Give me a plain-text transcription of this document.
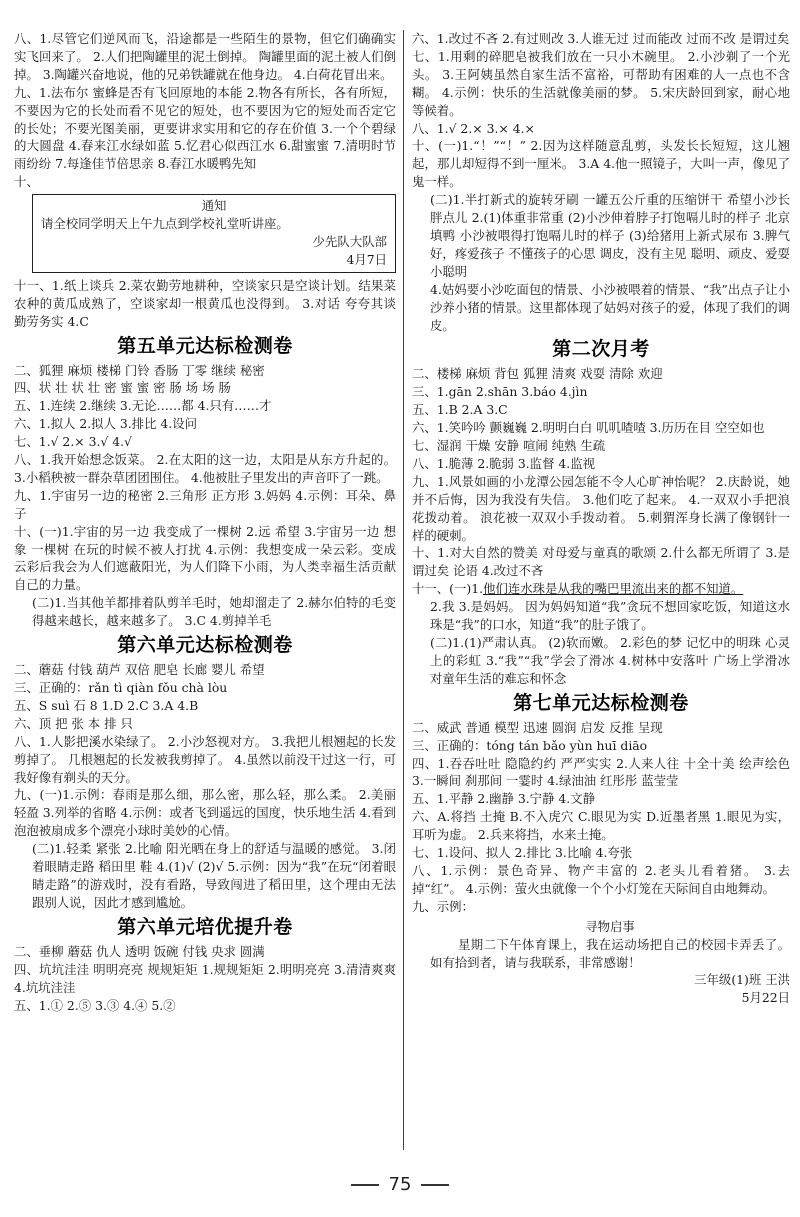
八、1.尽管它们逆风而飞，沿途都是一些陌生的景物，但它们确确实实飞回来了。 2.人们把陶罐里的泥土倒掉。 陶罐里面的泥土被人们倒掉。 3.陶罐兴奋地说，他的兄弟铁罐就在他身边。 4.白荷花冒出来。

九、1.法布尔 蜜蜂是否有飞回原地的本能 2.物各有所长，各有所短，不要因为它的长处而看不见它的短处，也不要因为它的短处而否定它的长处；不要光图美丽，更要讲求实用和它的存在价值 3.一个个碧绿的大圆盘 4.春来江水绿如蓝 5.忆君心似西江水 6.甜蜜蜜 7.清明时节雨纷纷 7.每逢佳节倍思亲 8.春江水暖鸭先知

十、

通知
请全校同学明天上午九点到学校礼堂听讲座。
少先队大队部
4月7日

十一、1.纸上谈兵 2.菜农勤劳地耕种，空谈家只是空谈计划。结果菜农种的黄瓜成熟了，空谈家却一根黄瓜也没得到。 3.对话 夸夸其谈 勤劳务实 4.C

第五单元达标检测卷

二、狐狸 麻烦 楼梯 门铃 香肠 丁零 继续 秘密

四、状 壮 状 壮 密 蜜 蜜 密 肠 场 场 肠

五、1.连续 2.继续 3.无论……都 4.只有……才

六、1.拟人 2.拟人 3.排比 4.设问

七、1.√ 2.× 3.√ 4.√

八、1.我开始想念饭菜。 2.在太阳的这一边，太阳是从东方升起的。 3.小稻秧被一群杂草团团围住。 4.他被肚子里发出的声音吓了一跳。

九、1.宇宙另一边的秘密 2.三角形 正方形 3.妈妈 4.示例：耳朵、鼻子

十、(一)1.宇宙的另一边 我变成了一棵树 2.远 希望 3.宇宙另一边 想象 一棵树 在玩的时候不被人打扰 4.示例：我想变成一朵云彩。变成云彩后我会为人们遮蔽阳光，为人们降下小雨，为人类幸福生活贡献自己的力量。

(二)1.当其他羊都排着队剪羊毛时，她却溜走了 2.赫尔伯特的毛变得越来越长，越来越多了。 3.C 4.剪掉羊毛

第六单元达标检测卷

二、蘑菇 付钱 葫芦 双倍 肥皂 长廊 婴儿 希望

三、正确的：rǎn tì qiàn fǒu chà lòu

五、S suì 石 8 1.D 2.C 3.A 4.B

六、顶 把 张 本 排 只

八、1.人影把溪水染绿了。 2.小沙怒视对方。 3.我把儿根翘起的长发剪掉了。 几根翘起的长发被我剪掉了。 4.虽然以前没干过这一行，可我好像有剃头的天分。

九、(一)1.示例：春雨是那么细，那么密，那么轻，那么柔。 2.美丽 轻盈 3.列举的省略 4.示例：或者飞到遥远的国度，快乐地生活 4.看到泡泡被扇成多个漂亮小球时美妙的心情。

(二)1.轻柔 紧张 2.比喻 阳光晒在身上的舒适与温暖的感觉。 3.闭着眼睛走路 稻田里 鞋 4.(1)√ (2)√ 5.示例：因为“我”在玩“闭着眼睛走路”的游戏时，没有看路，导致闯进了稻田里，这个理由无法跟别人说，因此才感到尴尬。

第六单元培优提升卷

二、垂柳 蘑菇 仇人 透明 饭碗 付钱 央求 圆满

四、坑坑洼洼 明明亮亮 规规矩矩 1.规规矩矩 2.明明亮亮 3.清清爽爽 4.坑坑洼洼

五、1.① 2.⑤ 3.③ 4.④ 5.②

六、1.改过不吝 2.有过则改 3.人谁无过 过而能改 过而不改 是谓过矣

七、1.用剩的碎肥皂被我们放在一只小木碗里。 2.小沙剃了一个光头。 3.王阿姨虽然自家生活不富裕，可帮助有困难的人一点也不含糊。 4.示例：快乐的生活就像美丽的梦。 5.宋庆龄回到家，耐心地等候着。

八、1.√ 2.× 3.× 4.×

十、(一)1.“！”“！” 2.因为这样随意乱剪，头发长长短短，这儿翘起，那儿却短得不到一厘米。 3.A 4.他一照镜子，大叫一声，像见了鬼一样。

(二)1.半打新式的旋转牙刷 一罐五公斤重的压缩饼干 希望小沙长胖点儿 2.(1)体重非常重 (2)小沙伸着脖子打饱嗝儿时的样子 北京填鸭 小沙被喂得打饱嗝儿时的样子 (3)给猪用上新式尿布 3.脾气好，疼爱孩子 不懂孩子的心思 调皮，没有主见 聪明、顽皮、爱耍小聪明

4.姑妈要小沙吃面包的情景、小沙被喂着的情景、“我”出点子让小沙养小猪的情景。这里都体现了姑妈对孩子的爱，体现了我们的调皮。

第二次月考

二、楼梯 麻烦 背包 狐狸 清爽 戏耍 清除 欢迎

三、1.gān 2.shān 3.báo 4.jìn

五、1.B 2.A 3.C

六、1.笑吟吟 颤巍巍 2.明明白白 叽叽喳喳 3.历历在目 空空如也

七、湿润 干燥 安静 喧闹 纯熟 生疏

八、1.脆薄 2.脆弱 3.监督 4.监视

九、1.风景如画的小龙潭公园怎能不令人心旷神怡呢？ 2.庆龄说，她并不后悔，因为我没有失信。 3.他们吃了起来。 4.一双双小手把浪花拨动着。 浪花被一双双小手拨动着。 5.刺猬浑身长满了像钢针一样的硬刺。

十、1.对大自然的赞美 对母爱与童真的歌颂 2.什么都无所谓了 3.是谓过矣 论语 4.改过不吝

十一、(一)1.他们连水珠是从我的嘴巴里流出来的都不知道。

2.我 3.是妈妈。 因为妈妈知道“我”贪玩不想回家吃饭，知道这水珠是“我”的口水，知道“我”的肚子饿了。

(二)1.(1)严肃认真。 (2)软而嫩。 2.彩色的梦 记忆中的明珠 心灵上的彩虹 3.“我”“我”学会了滑冰 4.树林中安落叶 广场上学滑冰 对童年生活的难忘和怀念

第七单元达标检测卷

二、威武 普通 模型 迅速 圆润 启发 反推 呈现

三、正确的：tóng tán bǎo yùn huī diāo

四、1.吞吞吐吐 隐隐约约 严严实实 2.人来人往 十全十美 绘声绘色 3.一瞬间 刹那间 一霎时 4.绿油油 红彤彤 蓝莹莹

五、1.平静 2.幽静 3.宁静 4.文静

六、A.将挡 土掩 B.不入虎穴 C.眼见为实 D.近墨者黑 1.眼见为实，耳听为虚。 2.兵来将挡，水来土掩。

七、1.设问、拟人 2.排比 3.比喻 4.夸张

八、1.示例：景色奇异、物产丰富的 2.老头儿看着猪。 3.去掉“红”。 4.示例：萤火虫就像一个个小灯笼在天际间自由地舞动。

九、示例：

寻物启事
星期二下午体育课上，我在运动场把自己的校园卡弄丢了。如有拾到者，请与我联系，非常感谢！
三年级(1)班 王洪
5月22日
75
